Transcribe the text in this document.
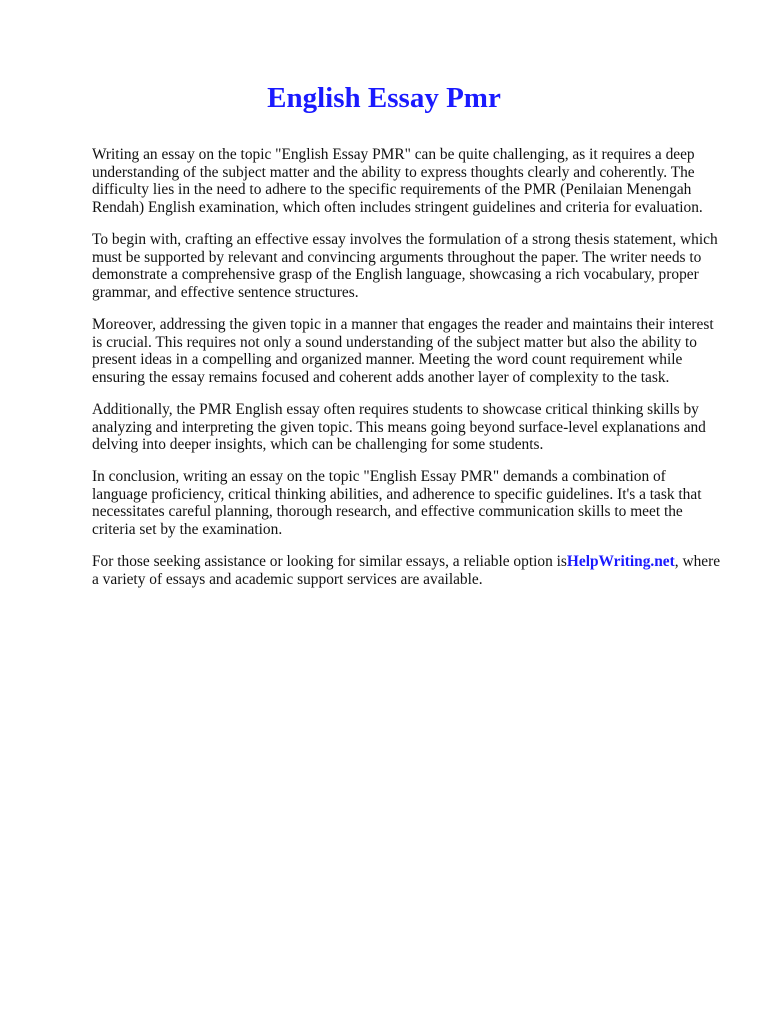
English Essay Pmr

Writing an essay on the topic "English Essay PMR" can be quite challenging, as it requires a deep understanding of the subject matter and the ability to express thoughts clearly and coherently. The difficulty lies in the need to adhere to the specific requirements of the PMR (Penilaian Menengah Rendah) English examination, which often includes stringent guidelines and criteria for evaluation.

To begin with, crafting an effective essay involves the formulation of a strong thesis statement, which must be supported by relevant and convincing arguments throughout the paper. The writer needs to demonstrate a comprehensive grasp of the English language, showcasing a rich vocabulary, proper grammar, and effective sentence structures.

Moreover, addressing the given topic in a manner that engages the reader and maintains their interest is crucial. This requires not only a sound understanding of the subject matter but also the ability to present ideas in a compelling and organized manner. Meeting the word count requirement while ensuring the essay remains focused and coherent adds another layer of complexity to the task.

Additionally, the PMR English essay often requires students to showcase critical thinking skills by analyzing and interpreting the given topic. This means going beyond surface-level explanations and delving into deeper insights, which can be challenging for some students.

In conclusion, writing an essay on the topic "English Essay PMR" demands a combination of language proficiency, critical thinking abilities, and adherence to specific guidelines. It's a task that necessitates careful planning, thorough research, and effective communication skills to meet the criteria set by the examination.

For those seeking assistance or looking for similar essays, a reliable option isHelpWriting.net, where a variety of essays and academic support services are available.
